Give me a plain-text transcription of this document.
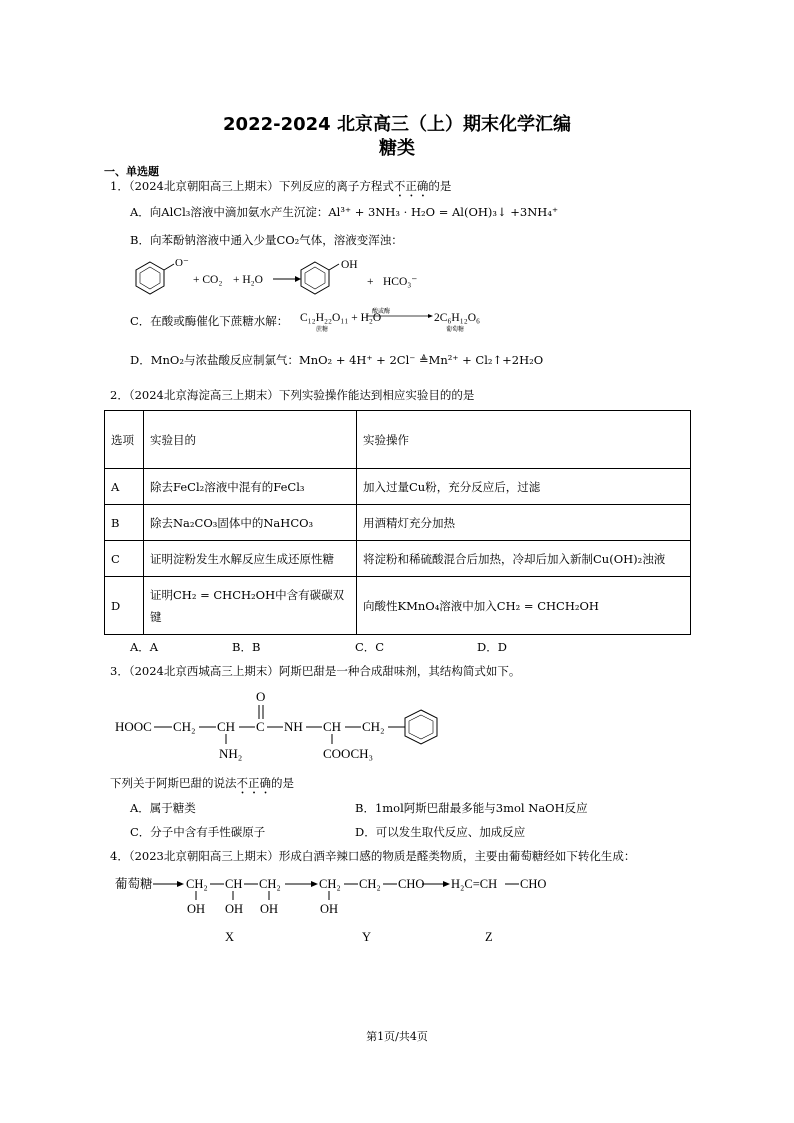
2022-2024 北京高三（上）期末化学汇编
糖类
一、单选题
1．（2024北京朝阳高三上期末）下列反应的离子方程式不正确的是
A．向AlCl₃溶液中滴加氨水产生沉淀：Al³⁺ + 3NH₃ · H₂O = Al(OH)₃↓ +3NH₄⁺
B．向苯酚钠溶液中通入少量CO₂气体，溶液变浑浊：
O⁻
+ CO₂ + H₂O
OH
+ HCO₃⁻
C．在酸或酶催化下蔗糖水解： C₁₂H₂₂O₁₁ + H₂O
酸或酶	2C₆H₁₂O₆
蔗糖	葡萄糖
D．MnO₂与浓盐酸反应制氯气：MnO₂ + 4H⁺ + 2Cl⁻ ≜Mn²⁺ + Cl₂↑+2H₂O
2．（2024北京海淀高三上期末）下列实验操作能达到相应实验目的的是
选项	实验目的	实验操作
A	除去FeCl₂溶液中混有的FeCl₃	加入过量Cu粉，充分反应后，过滤
B	除去Na₂CO₃固体中的NaHCO₃	用酒精灯充分加热
C	证明淀粉发生水解反应生成还原性糖	将淀粉和稀硫酸混合后加热，冷却后加入新制Cu(OH)₂浊液
D	证明CH₂ = CHCH₂OH中含有碳碳双键	向酸性KMnO₄溶液中加入CH₂ = CHCH₂OH
A．A	B．B	C．C	D．D
3．（2024北京西城高三上期末）阿斯巴甜是一种合成甜味剂，其结构简式如下。
HOOC CH₂ CH
NH₂
C
O
NH CH
COOCH₃
CH₂
下列关于阿斯巴甜的说法不正确的是
A．属于糖类	B．1mol阿斯巴甜最多能与3mol NaOH反应
C．分子中含有手性碳原子	D．可以发生取代反应、加成反应
4．（2023北京朝阳高三上期末）形成白酒辛辣口感的物质是醛类物质，主要由葡萄糖经如下转化生成：
葡萄糖	CH₂ CH CH₂
OH OH OH
CH₂
OH
CH₂ CHO H₂C=CH CHO
X	Y	Z
第1页/共4页
